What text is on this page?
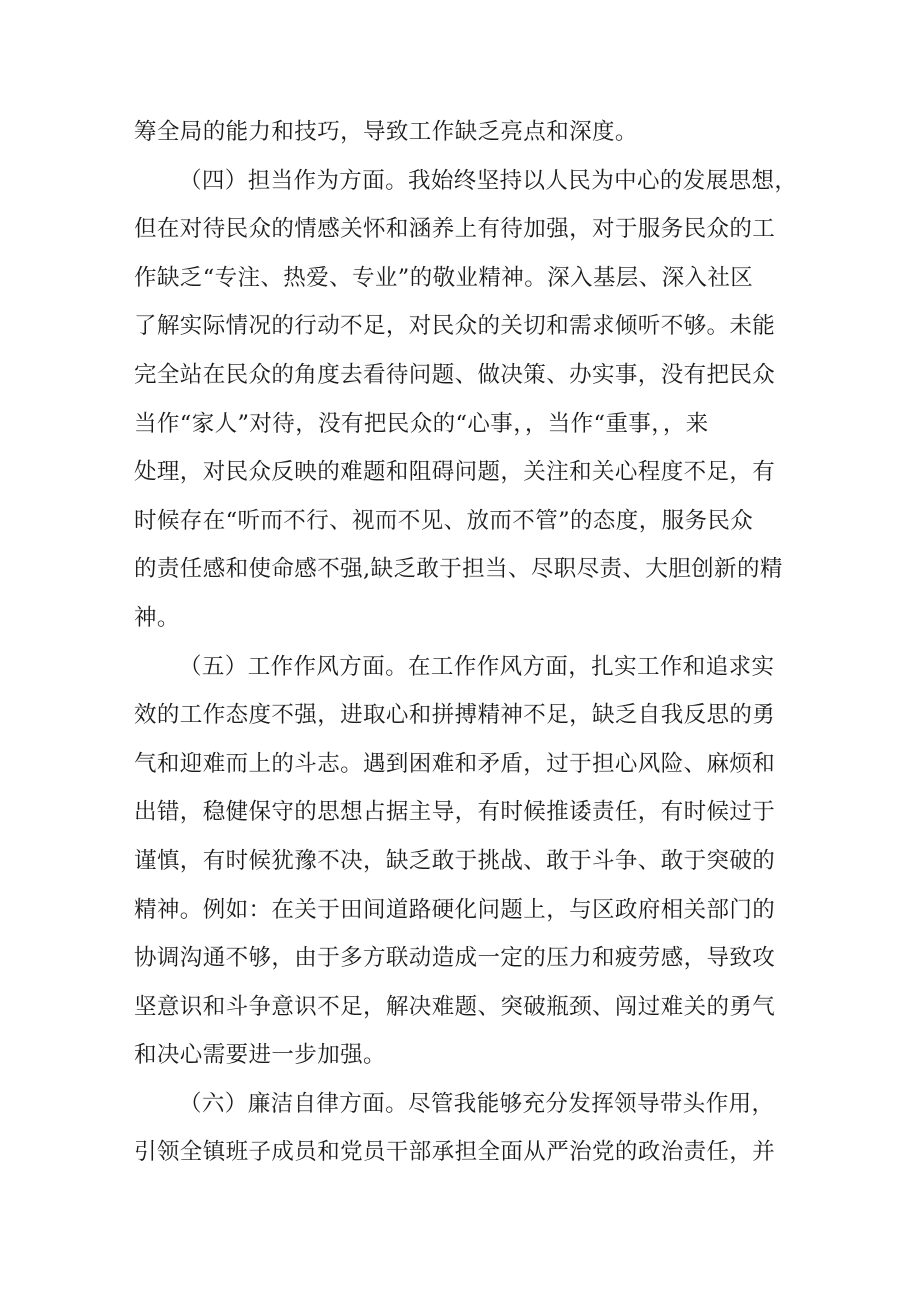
筹全局的能力和技巧，导致工作缺乏亮点和深度。
（四）担当作为方面。我始终坚持以人民为中心的发展思想，
但在对待民众的情感关怀和涵养上有待加强，对于服务民众的工
作缺乏“专注、热爱、专业”的敬业精神。深入基层、深入社区
了解实际情况的行动不足，对民众的关切和需求倾听不够。未能
完全站在民众的角度去看待问题、做决策、办实事，没有把民众
当作“家人”对待，没有把民众的“心事，，当作“重事，，来
处理，对民众反映的难题和阻碍问题，关注和关心程度不足，有
时候存在“听而不行、视而不见、放而不管”的态度，服务民众
的责任感和使命感不强,缺乏敢于担当、尽职尽责、大胆创新的精
神。
（五）工作作风方面。在工作作风方面，扎实工作和追求实
效的工作态度不强，进取心和拼搏精神不足，缺乏自我反思的勇
气和迎难而上的斗志。遇到困难和矛盾，过于担心风险、麻烦和
出错，稳健保守的思想占据主导，有时候推诿责任，有时候过于
谨慎，有时候犹豫不决，缺乏敢于挑战、敢于斗争、敢于突破的
精神。例如：在关于田间道路硬化问题上，与区政府相关部门的
协调沟通不够，由于多方联动造成一定的压力和疲劳感，导致攻
坚意识和斗争意识不足，解决难题、突破瓶颈、闯过难关的勇气
和决心需要进一步加强。
（六）廉洁自律方面。尽管我能够充分发挥领导带头作用，
引领全镇班子成员和党员干部承担全面从严治党的政治责任，并
